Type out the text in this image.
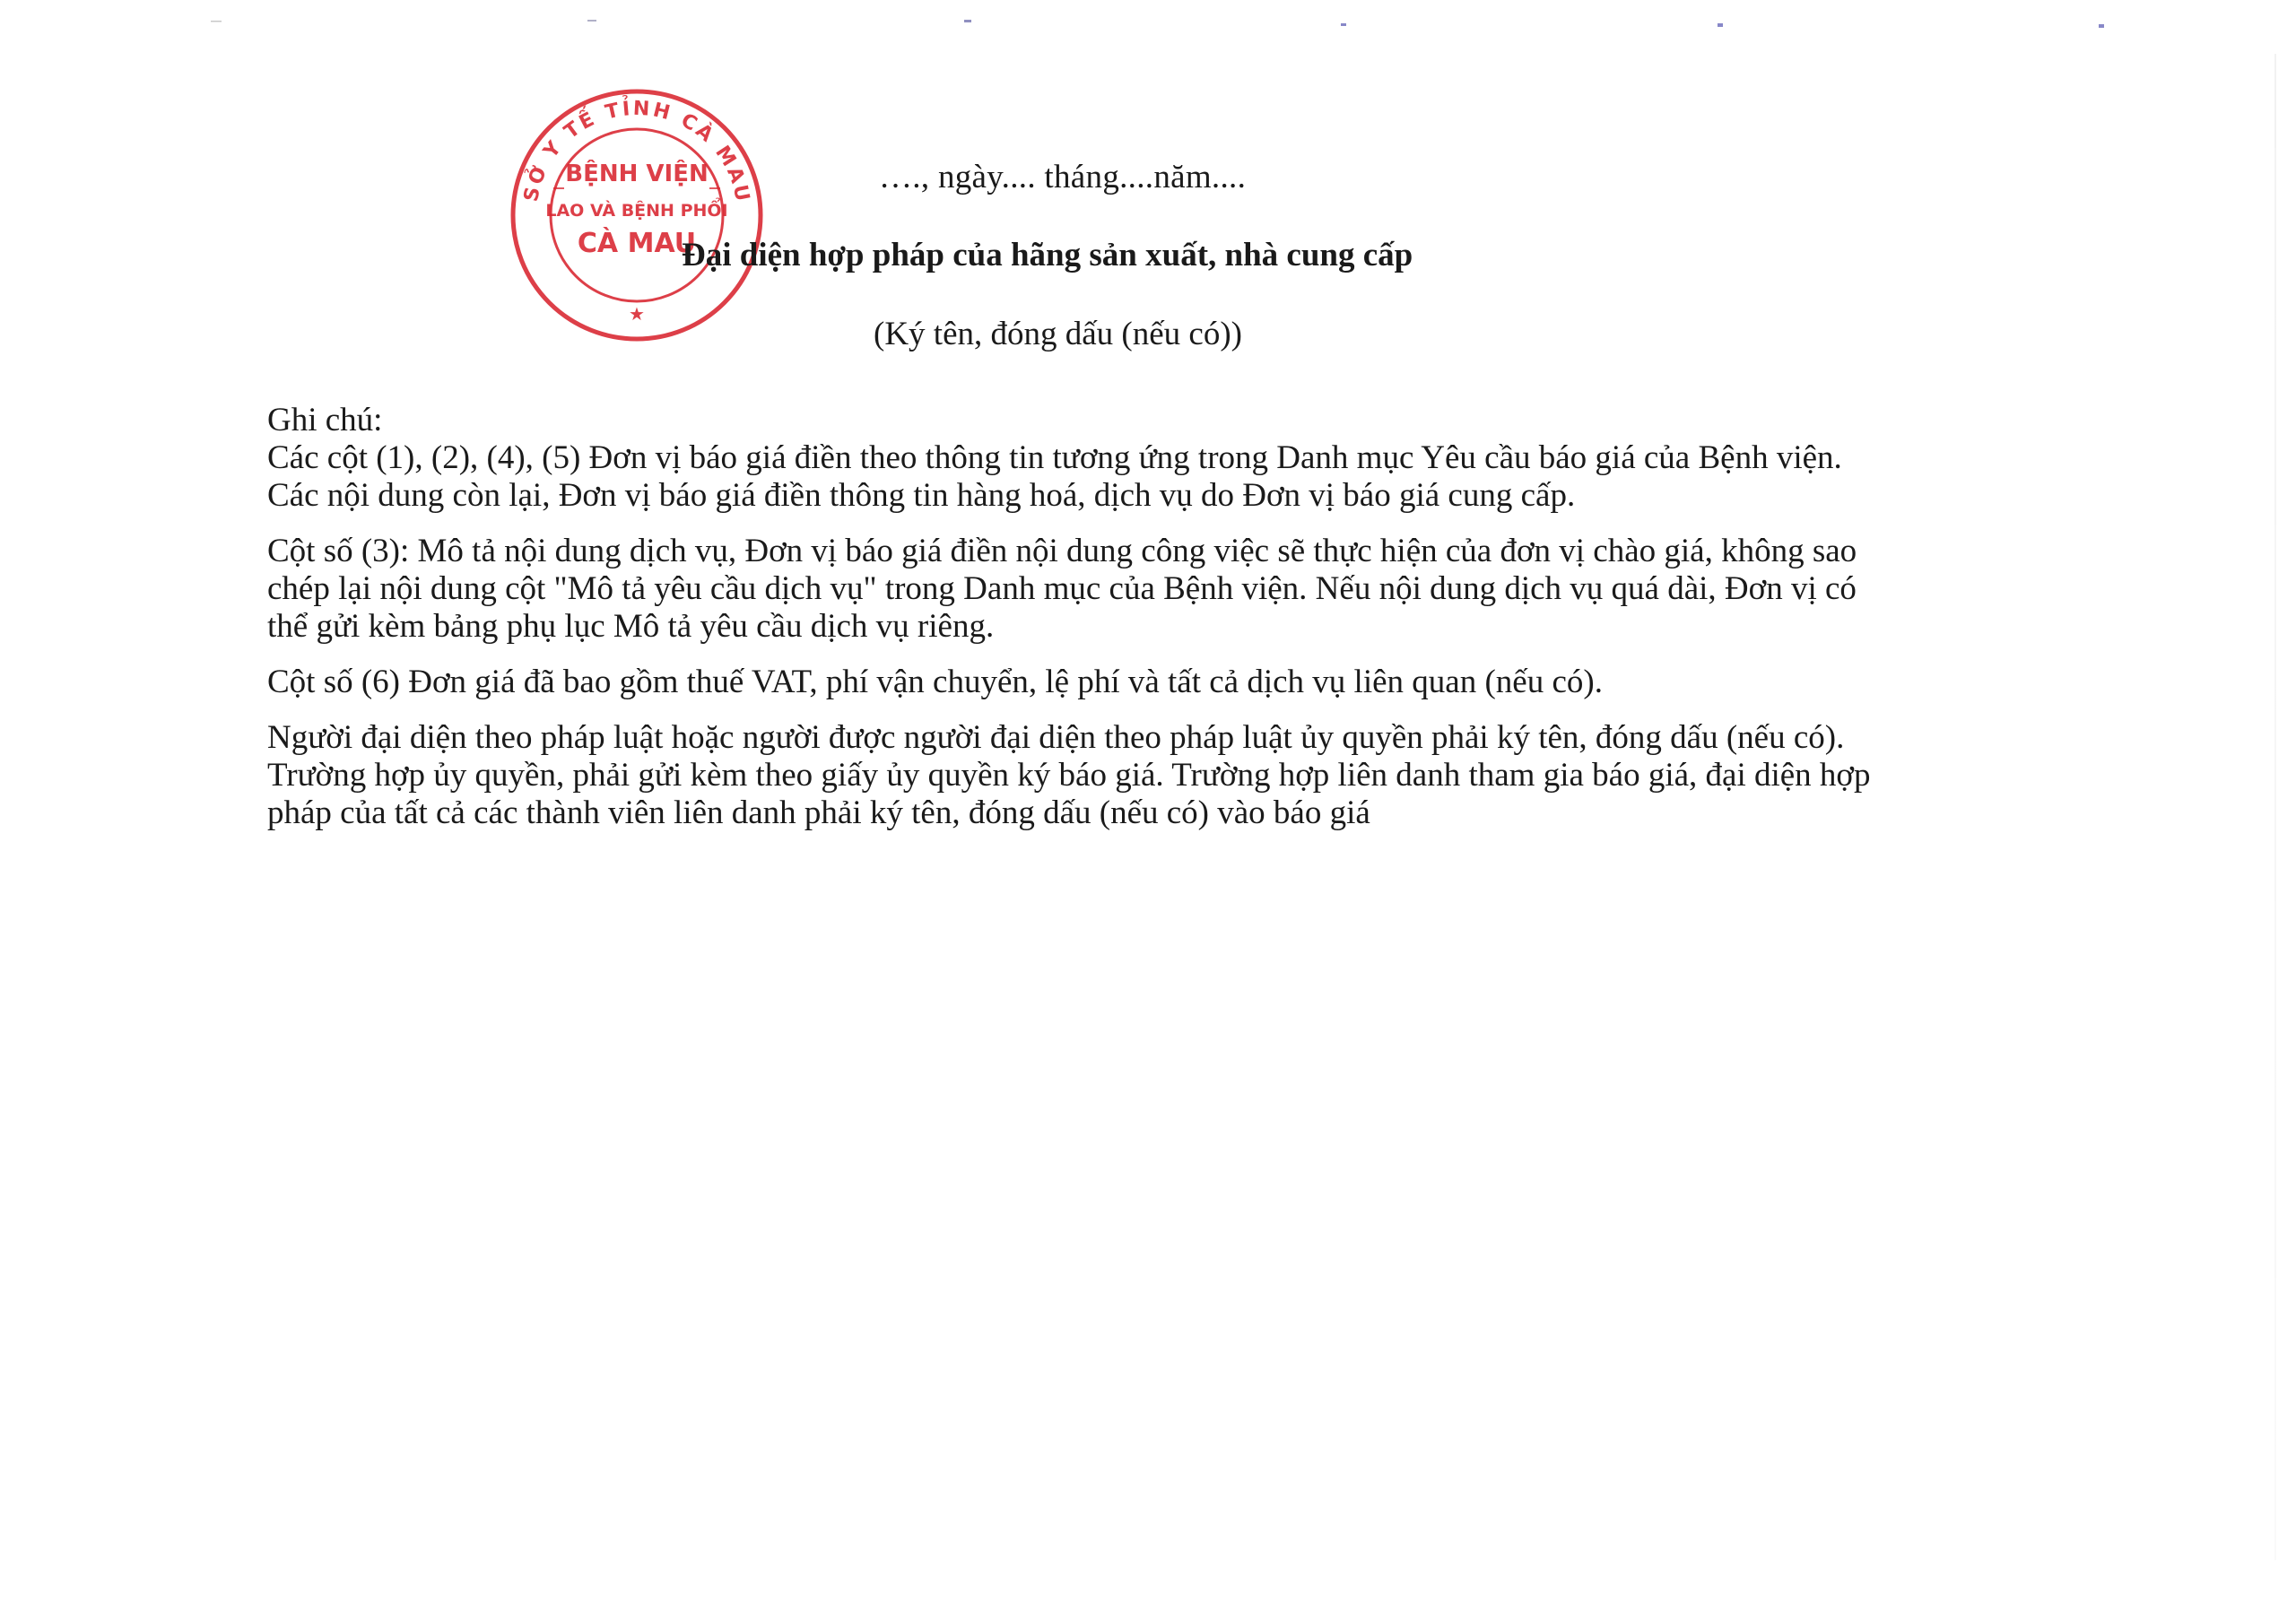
SỞ Y TẾ TỈNH CÀ MAU
BỆNH VIỆN
LAO VÀ BỆNH PHỔI
CÀ MAU
★
…., ngày.... tháng....năm....
Đại diện hợp pháp của hãng sản xuất, nhà cung cấp
(Ký tên, đóng dấu (nếu có))

Ghi chú:

Các cột (1), (2), (4), (5) Đơn vị báo giá điền theo thông tin tương ứng trong Danh mục Yêu cầu báo giá của Bệnh viện.

Các nội dung còn lại, Đơn vị báo giá điền thông tin hàng hoá, dịch vụ do Đơn vị báo giá cung cấp.

Cột số (3): Mô tả nội dung dịch vụ, Đơn vị báo giá điền nội dung công việc sẽ thực hiện của đơn vị chào giá, không sao chép lại nội dung cột "Mô tả yêu cầu dịch vụ" trong Danh mục của Bệnh viện. Nếu nội dung dịch vụ quá dài, Đơn vị có thể gửi kèm bảng phụ lục Mô tả yêu cầu dịch vụ riêng.

Cột số (6) Đơn giá đã bao gồm thuế VAT, phí vận chuyển, lệ phí và tất cả dịch vụ liên quan (nếu có).

Người đại diện theo pháp luật hoặc người được người đại diện theo pháp luật ủy quyền phải ký tên, đóng dấu (nếu có). Trường hợp ủy quyền, phải gửi kèm theo giấy ủy quyền ký báo giá. Trường hợp liên danh tham gia báo giá, đại diện hợp pháp của tất cả các thành viên liên danh phải ký tên, đóng dấu (nếu có) vào báo giá
